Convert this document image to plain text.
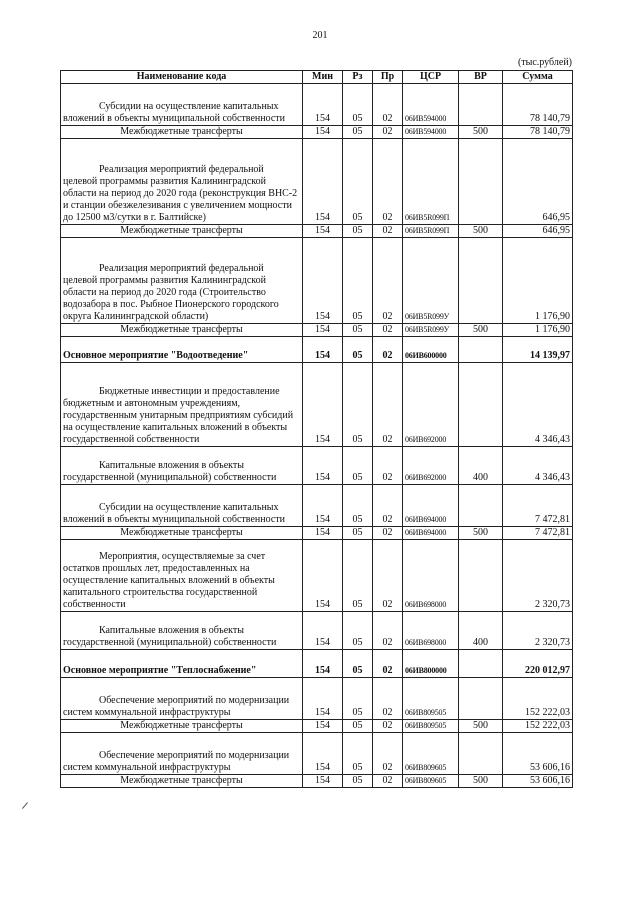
201
(тыс.рублей)
Наименование кода	Мин	Рз	Пр	ЦСР	ВР	Сумма
Субсидии на осуществление капитальных вложений в объекты муниципальной собственности	154	05	02	06ИВ594000		78 140,79
Межбюджетные трансферты	154	05	02	06ИВ594000	500	78 140,79
Реализация мероприятий федеральной целевой программы развития Калининградской области на период до 2020 года (реконструкция ВНС-2 и станции обезжелезивания с увеличением мощности до 12500 м3/сутки в г. Балтийске)	154	05	02	06ИВ5R099П		646,95
Межбюджетные трансферты	154	05	02	06ИВ5R099П	500	646,95
Реализация мероприятий федеральной целевой программы развития Калининградской области на период до 2020 года (Строительство водозабора в пос. Рыбное Пионерского городского округа Калининградской области)	154	05	02	06ИВ5R099У		1 176,90
Межбюджетные трансферты	154	05	02	06ИВ5R099У	500	1 176,90
Основное мероприятие "Водоотведение"	154	05	02	06ИВ600000		14 139,97
Бюджетные инвестиции и предоставление бюджетным и автономным учреждениям, государственным унитарным предприятиям субсидий на осуществление капитальных вложений в объекты государственной собственности	154	05	02	06ИВ692000		4 346,43
Капитальные вложения в объекты государственной (муниципальной) собственности	154	05	02	06ИВ692000	400	4 346,43
Субсидии на осуществление капитальных вложений в объекты муниципальной собственности	154	05	02	06ИВ694000		7 472,81
Межбюджетные трансферты	154	05	02	06ИВ694000	500	7 472,81
Мероприятия, осуществляемые за счет остатков прошлых лет, предоставленных на осуществление капитальных вложений в объекты капитального строительства государственной собственности	154	05	02	06ИВ698000		2 320,73
Капитальные вложения в объекты государственной (муниципальной) собственности	154	05	02	06ИВ698000	400	2 320,73
Основное мероприятие "Теплоснабжение"	154	05	02	06ИВ800000		220 012,97
Обеспечение мероприятий по модернизации систем коммунальной инфраструктуры	154	05	02	06ИВ809505		152 222,03
Межбюджетные трансферты	154	05	02	06ИВ809505	500	152 222,03
Обеспечение мероприятий по модернизации систем коммунальной инфраструктуры	154	05	02	06ИВ809605		53 606,16
Межбюджетные трансферты	154	05	02	06ИВ809605	500	53 606,16
